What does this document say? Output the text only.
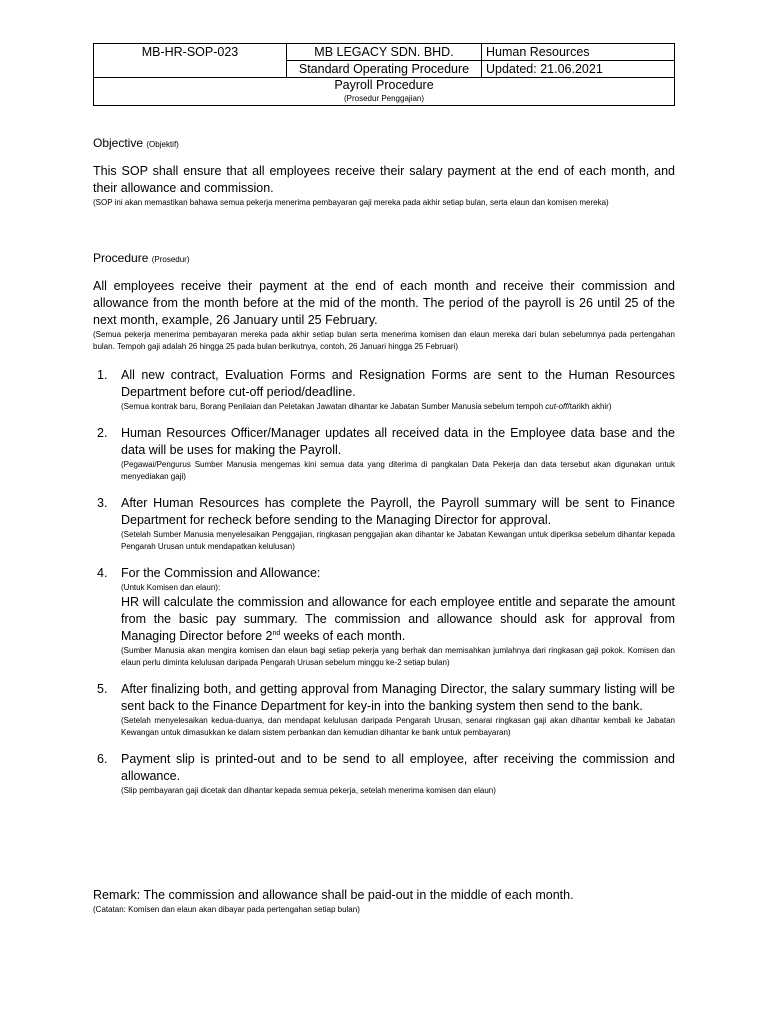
MB-HR-SOP-023	MB LEGACY SDN. BHD.	Human Resources
	Standard Operating Procedure	Updated: 21.06.2021

Payroll Procedure
(Prosedur Penggajian)		
Objective (Objektif)
This SOP shall ensure that all employees receive their salary payment at the end of each month, and their allowance and commission.
(SOP ini akan memastikan bahawa semua pekerja menerima pembayaran gaji mereka pada akhir setiap bulan, serta elaun dan komisen mereka)
Procedure (Prosedur)
All employees receive their payment at the end of each month and receive their commission and allowance from the month before at the mid of the month. The period of the payroll is 26 until 25 of the next month, example, 26 January until 25 February.
(Semua pekerja menerima pembayaran mereka pada akhir setiap bulan serta menerima komisen dan elaun mereka dari bulan sebelumnya pada pertengahan bulan. Tempoh gaji adalah 26 hingga 25 pada bulan berikutnya, contoh, 26 Januari hingga 25 Februari)
1. All new contract, Evaluation Forms and Resignation Forms are sent to the Human Resources Department before cut-off period/deadline.
(Semua kontrak baru, Borang Penilaian dan Peletakan Jawatan dihantar ke Jabatan Sumber Manusia sebelum tempoh cut-off/tarikh akhir)
2. Human Resources Officer/Manager updates all received data in the Employee data base and the data will be uses for making the Payroll.
(Pegawai/Pengurus Sumber Manusia mengemas kini semua data yang diterima di pangkalan Data Pekerja dan data tersebut akan digunakan untuk menyediakan gaji)
3. After Human Resources has complete the Payroll, the Payroll summary will be sent to Finance Department for recheck before sending to the Managing Director for approval.
(Setelah Sumber Manusia menyelesaikan Penggajian, ringkasan penggajian akan dihantar ke Jabatan Kewangan untuk diperiksa sebelum dihantar kepada Pengarah Urusan untuk mendapatkan kelulusan)
4. For the Commission and Allowance:
(Untuk Komisen dan elaun):
HR will calculate the commission and allowance for each employee entitle and separate the amount from the basic pay summary. The commission and allowance should ask for approval from Managing Director before 2nd weeks of each month.
(Sumber Manusia akan mengira komisen dan elaun bagi setiap pekerja yang berhak dan memisahkan jumlahnya dari ringkasan gaji pokok. Komisen dan elaun perlu diminta kelulusan daripada Pengarah Urusan sebelum minggu ke-2 setiap bulan)
5. After finalizing both, and getting approval from Managing Director, the salary summary listing will be sent back to the Finance Department for key-in into the banking system then send to the bank.
(Setelah menyelesaikan kedua-duanya, dan mendapat kelulusan daripada Pengarah Urusan, senarai ringkasan gaji akan dihantar kembali ke Jabatan Kewangan untuk dimasukkan ke dalam sistem perbankan dan kemudian dihantar ke bank untuk pembayaran)
6. Payment slip is printed-out and to be send to all employee, after receiving the commission and allowance.
(Slip pembayaran gaji dicetak dan dihantar kepada semua pekerja, setelah menerima komisen dan elaun)
Remark: The commission and allowance shall be paid-out in the middle of each month.
(Catatan: Komisen dan elaun akan dibayar pada pertengahan setiap bulan)
